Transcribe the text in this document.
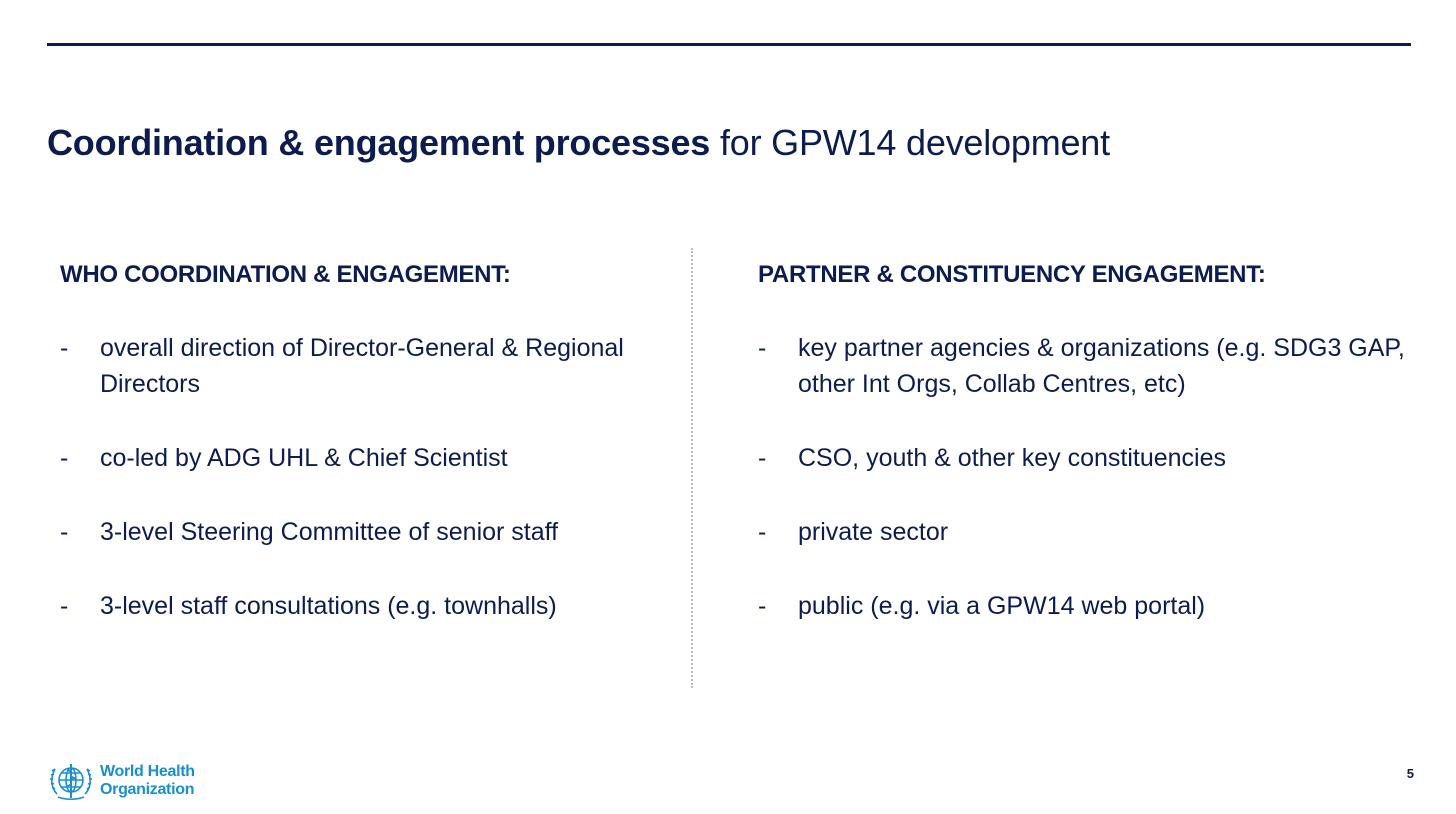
Coordination & engagement processes for GPW14 development
WHO COORDINATION & ENGAGEMENT:
-	overall direction of Director-General & Regional Directors
-	co-led by ADG UHL & Chief Scientist
-	3-level Steering Committee of senior staff
-	3-level staff consultations (e.g. townhalls)
PARTNER & CONSTITUENCY ENGAGEMENT:
-	key partner agencies & organizations (e.g. SDG3 GAP, other Int Orgs, Collab Centres, etc)
-	CSO, youth & other key constituencies
-	private sector
-	public (e.g. via a GPW14 web portal)
World Health
Organization
5
